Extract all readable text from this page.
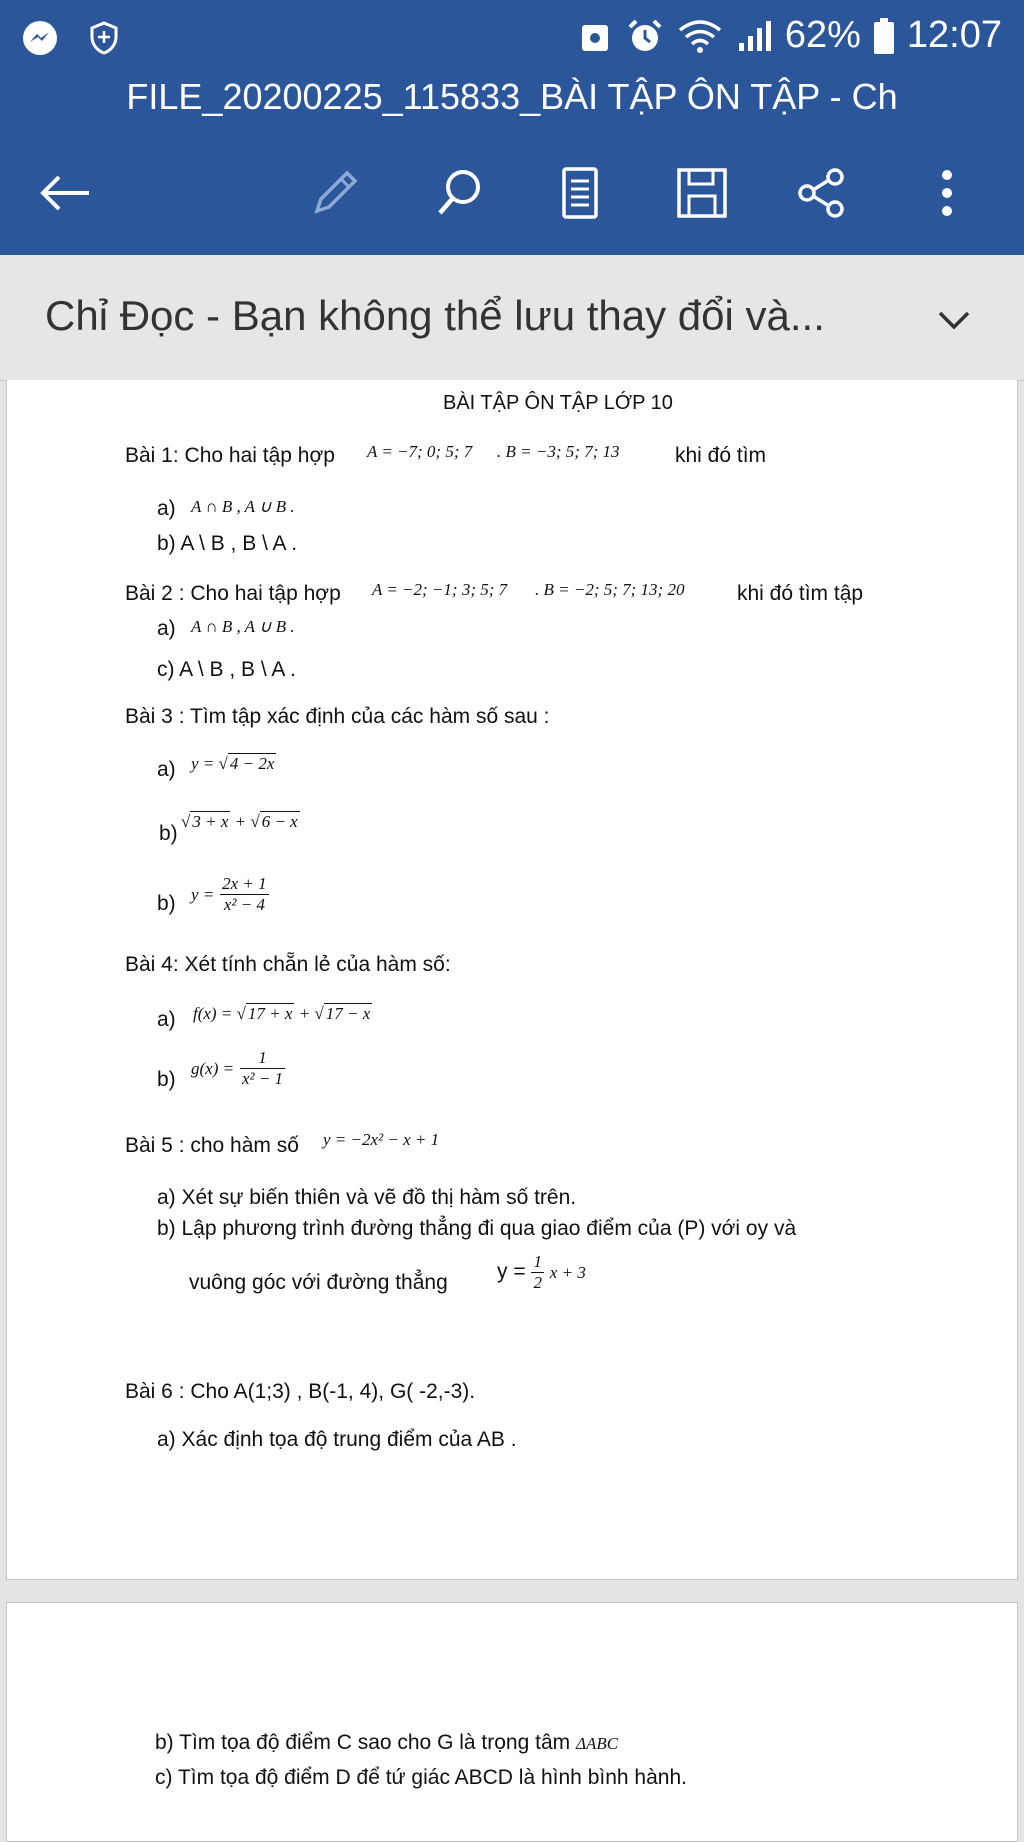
62% 12:07
FILE_20200225_115833_BÀI TẬP ÔN TẬP - Ch
Chỉ Đọc - Bạn không thể lưu thay đổi và...
BÀI TẬP ÔN TẬP LỚP 10
Bài 1: Cho hai tập hợp A = −7; 0; 5; 7 . B = −3; 5; 7; 13	khi đó tìm
a) A ∩ B , A ∪ B .
b) A \ B , B \ A .
Bài 2 : Cho hai tập hợp A = −2; −1; 3; 5; 7 . B = −2; 5; 7; 13; 20	khi đó tìm tập
a) A ∩ B , A ∪ B .
c) A \ B , B \ A .
Bài 3 : Tìm tập xác định của các hàm số sau :
a) y = √ 4 − 2x
b)
√ 3 + x + √ 6 − x
b) $y = \frac{2x + 1}{\text{x² − 4}}$
Bài 4: Xét tính chẵn lẻ của hàm số:
a) f(x) = √ 17 + x + √ 17 − x
b) $g(x) = \frac{1}{\text{x² − 1}}$
Bài 5 : cho hàm số y = −2x² − x + 1
a) Xét sự biến thiên và vẽ đồ thị hàm số trên.
b) Lập phương trình đường thẳng đi qua giao điểm của (P) với oy và
vuông góc với đường thẳng $y = \frac{1}{2}$ x + 3
Bài 6 : Cho A(1;3) , B(-1, 4), G( -2,-3).
a) Xác định tọa độ trung điểm của AB .
b) Tìm tọa độ điểm C sao cho G là trọng tâm ΔABC
c) Tìm tọa độ điểm D để tứ giác ABCD là hình bình hành.
